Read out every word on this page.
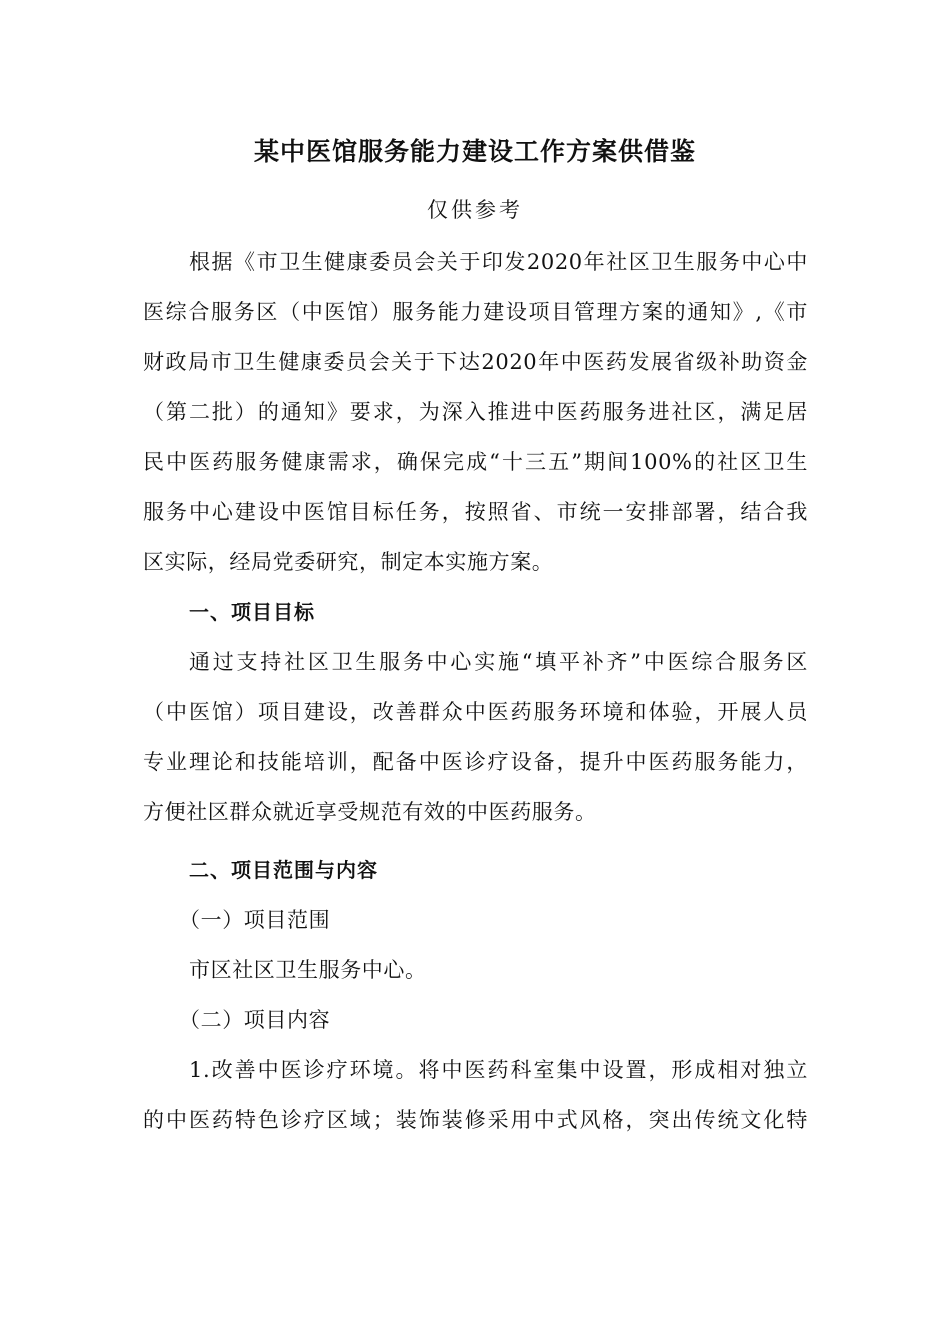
某中医馆服务能力建设工作方案供借鉴
仅供参考
根据《市卫生健康委员会关于印发2020年社区卫生服务中心中
医综合服务区（中医馆）服务能力建设项目管理方案的通知》,《市
财政局市卫生健康委员会关于下达2020年中医药发展省级补助资金
（第二批）的通知》要求，为深入推进中医药服务进社区，满足居
民中医药服务健康需求，确保完成“十三五”期间100%的社区卫生
服务中心建设中医馆目标任务，按照省、市统一安排部署，结合我
区实际，经局党委研究，制定本实施方案。
一、项目目标
通过支持社区卫生服务中心实施“填平补齐”中医综合服务区
（中医馆）项目建设，改善群众中医药服务环境和体验，开展人员
专业理论和技能培训，配备中医诊疗设备，提升中医药服务能力，
方便社区群众就近享受规范有效的中医药服务。
二、项目范围与内容
（一）项目范围
市区社区卫生服务中心。
（二）项目内容
1.改善中医诊疗环境。将中医药科室集中设置，形成相对独立
的中医药特色诊疗区域；装饰装修采用中式风格，突出传统文化特
